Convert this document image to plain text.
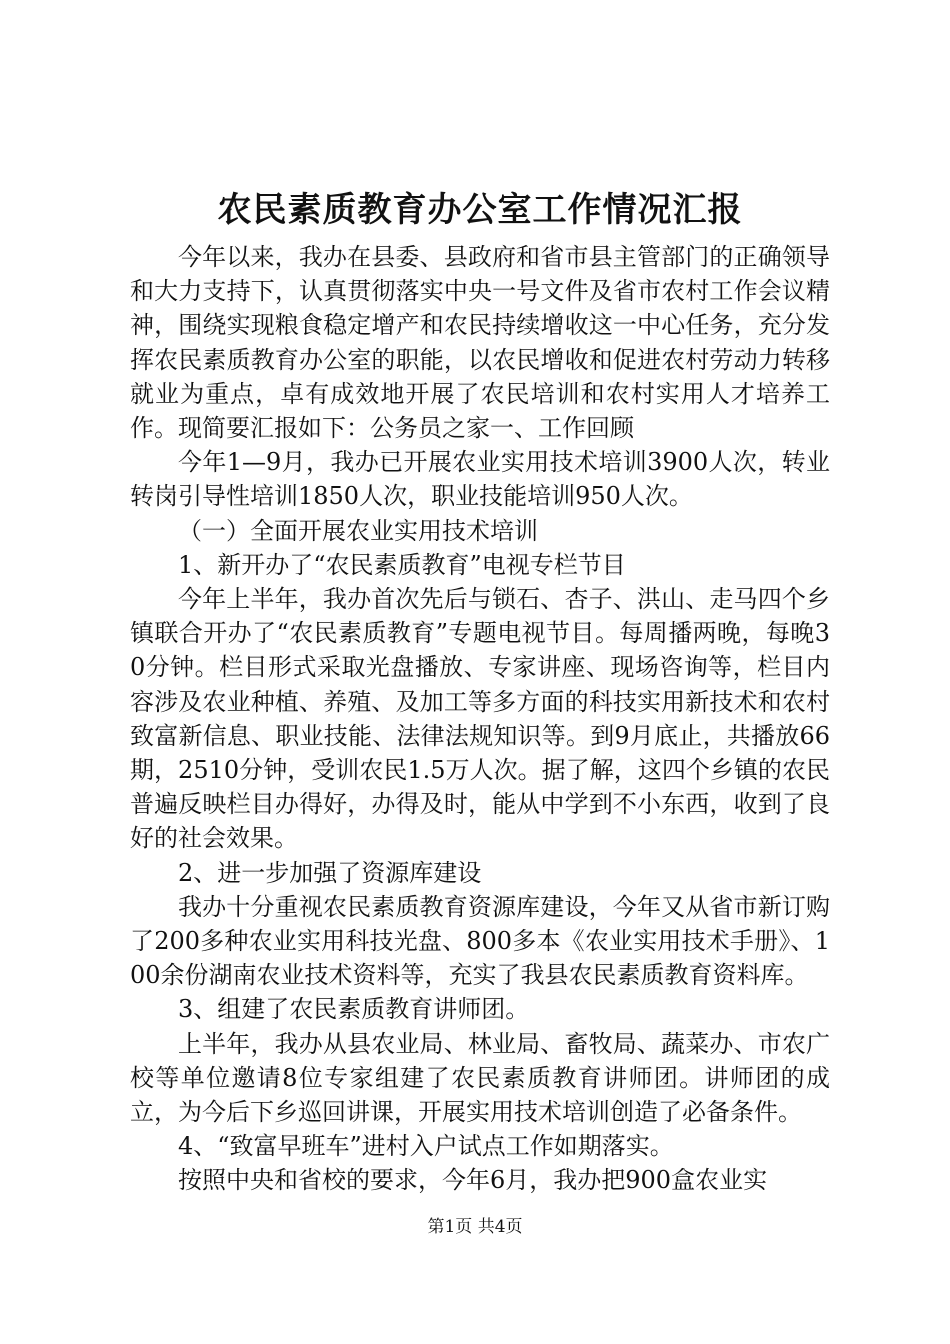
农民素质教育办公室工作情况汇报

今年以来，我办在县委、县政府和省市县主管部门的正确领导和大力支持下，认真贯彻落实中央一号文件及省市农村工作会议精神，围绕实现粮食稳定增产和农民持续增收这一中心任务，充分发挥农民素质教育办公室的职能，以农民增收和促进农村劳动力转移就业为重点，卓有成效地开展了农民培训和农村实用人才培养工作。现简要汇报如下：公务员之家一、工作回顾

今年1—9月，我办已开展农业实用技术培训3900人次，转业转岗引导性培训1850人次，职业技能培训950人次。

（一）全面开展农业实用技术培训

1、新开办了“农民素质教育”电视专栏节目

今年上半年，我办首次先后与锁石、杏子、洪山、走马四个乡镇联合开办了“农民素质教育”专题电视节目。每周播两晚，每晚30分钟。栏目形式采取光盘播放、专家讲座、现场咨询等，栏目内容涉及农业种植、养殖、及加工等多方面的科技实用新技术和农村致富新信息、职业技能、法律法规知识等。到9月底止，共播放66期，2510分钟，受训农民1.5万人次。据了解，这四个乡镇的农民普遍反映栏目办得好，办得及时，能从中学到不小东西，收到了良好的社会效果。

2、进一步加强了资源库建设

我办十分重视农民素质教育资源库建设，今年又从省市新订购了200多种农业实用科技光盘、800多本《农业实用技术手册》、100余份湖南农业技术资料等，充实了我县农民素质教育资料库。

3、组建了农民素质教育讲师团。

上半年，我办从县农业局、林业局、畜牧局、蔬菜办、市农广校等单位邀请8位专家组建了农民素质教育讲师团。讲师团的成立，为今后下乡巡回讲课，开展实用技术培训创造了必备条件。

4、“致富早班车”进村入户试点工作如期落实。

按照中央和省校的要求，今年6月，我办把900盒农业实

第1页 共4页
